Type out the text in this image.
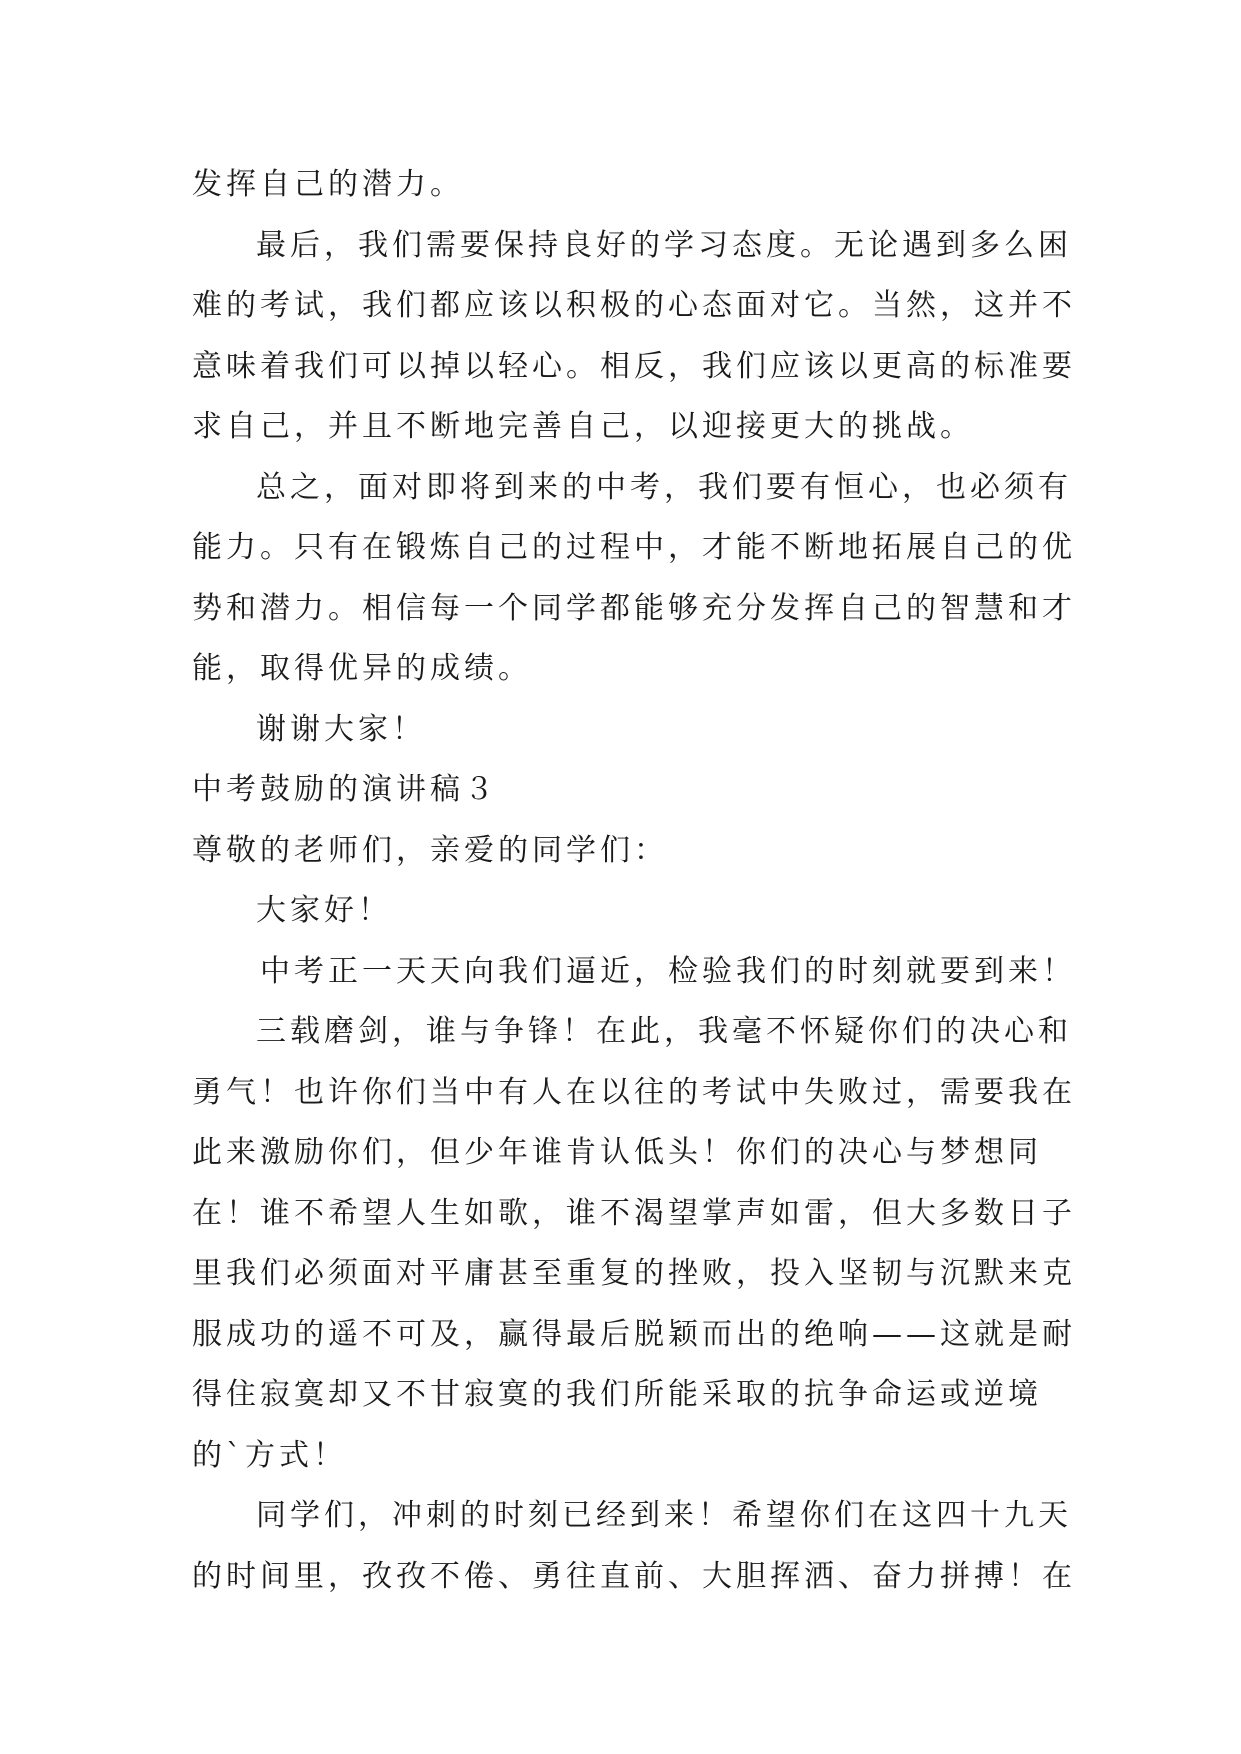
发挥自己的潜力。
最后，我们需要保持良好的学习态度。无论遇到多么困
难的考试，我们都应该以积极的心态面对它。当然，这并不
意味着我们可以掉以轻心。相反，我们应该以更高的标准要
求自己，并且不断地完善自己，以迎接更大的挑战。
总之，面对即将到来的中考，我们要有恒心，也必须有
能力。只有在锻炼自己的过程中，才能不断地拓展自己的优
势和潜力。相信每一个同学都能够充分发挥自己的智慧和才
能，取得优异的成绩。
谢谢大家！
中考鼓励的演讲稿３
尊敬的老师们，亲爱的同学们：
大家好！
中考正一天天向我们逼近，检验我们的时刻就要到来！
三载磨剑，谁与争锋！在此，我毫不怀疑你们的决心和
勇气！也许你们当中有人在以往的考试中失败过，需要我在
此来激励你们，但少年谁肯认低头！你们的决心与梦想同
在！谁不希望人生如歌，谁不渴望掌声如雷，但大多数日子
里我们必须面对平庸甚至重复的挫败，投入坚韧与沉默来克
服成功的遥不可及，赢得最后脱颖而出的绝响——这就是耐
得住寂寞却又不甘寂寞的我们所能采取的抗争命运或逆境
的`方式！
同学们，冲刺的时刻已经到来！希望你们在这四十九天
的时间里，孜孜不倦、勇往直前、大胆挥洒、奋力拼搏！在
